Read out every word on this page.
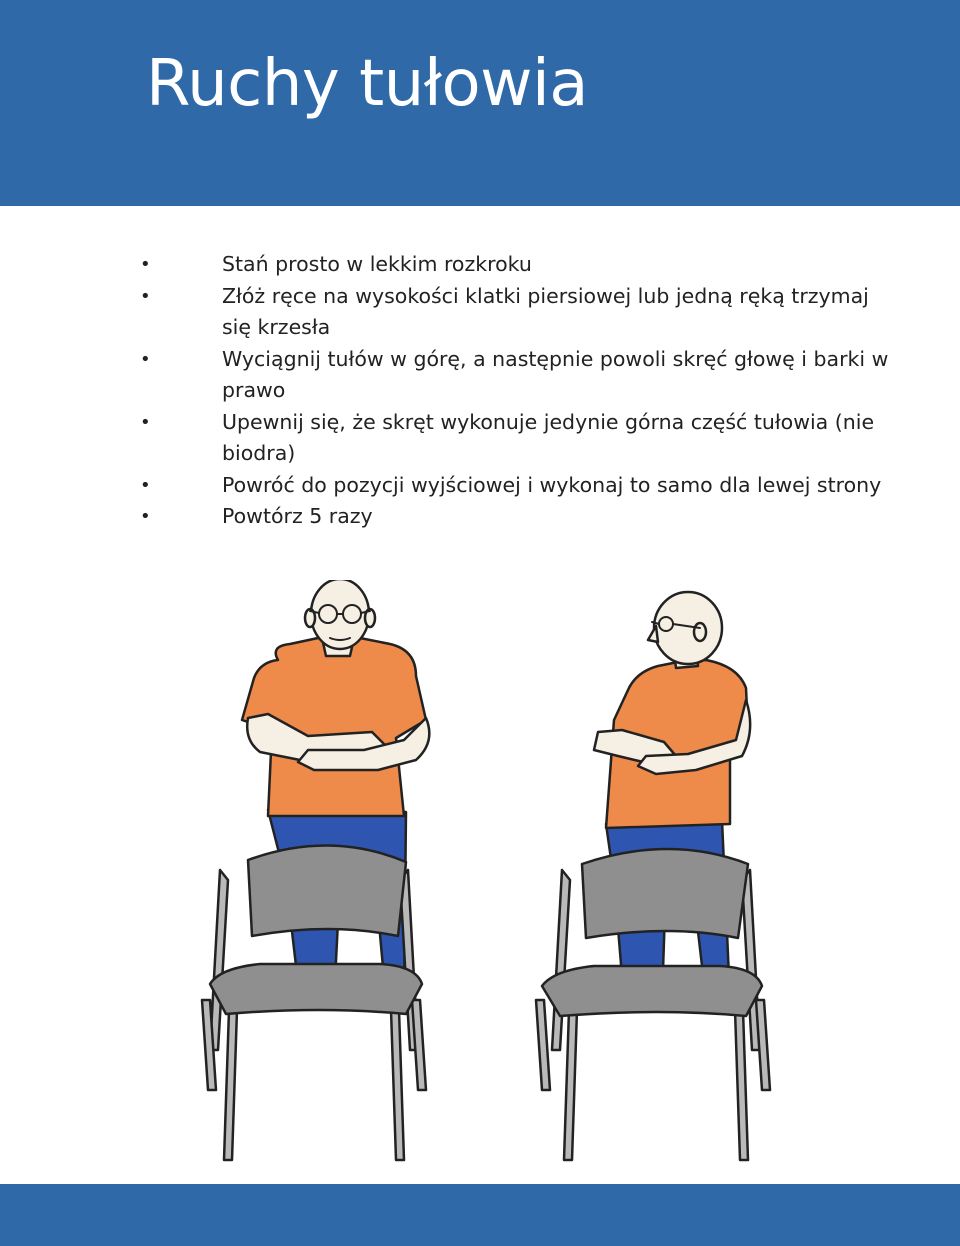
Ruchy tułowia
•	Stań prosto w lekkim rozkroku
•	Złóż ręce na wysokości klatki piersiowej lub jedną ręką trzymaj się krzesła
•	Wyciągnij tułów w górę, a następnie powoli skręć głowę i barki w prawo
•	Upewnij się, że skręt wykonuje jedynie górna część tułowia (nie biodra)
•	Powróć do pozycji wyjściowej i wykonaj to samo dla lewej strony
•	Powtórz 5 razy
